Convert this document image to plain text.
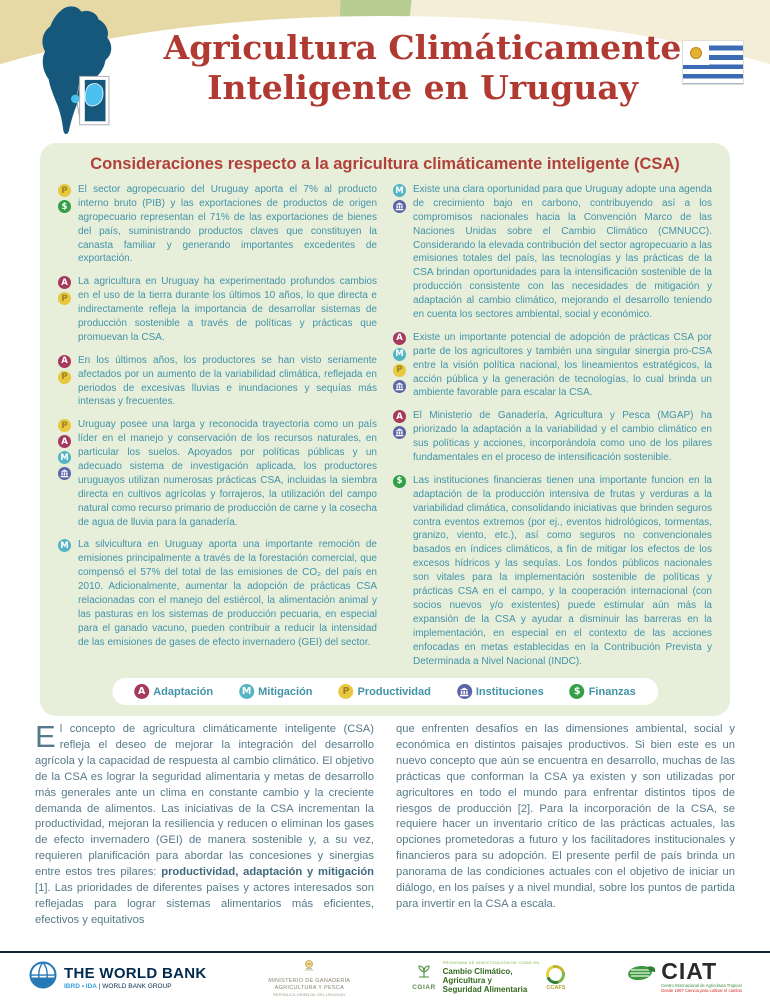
Agricultura Climáticamente
Inteligente en Uruguay
Consideraciones respecto a la agricultura climáticamente inteligente (CSA)
P
$

El sector agropecuario del Uruguay aporta el 7% al producto interno bruto (PIB) y las exportaciones de productos de origen agropecuario representan el 71% de las exportaciones de bienes del país, suministrando productos claves que constituyen la canasta familiar y generando importantes excedentes de exportación.

A
P

La agricultura en Uruguay ha experimentado profundos cambios en el uso de la tierra durante los últimos 10 años, lo que directa e indirectamente refleja la importancia de desarrollar sistemas de producción sostenible a través de políticas y prácticas que promuevan la CSA.

A
P

En los últimos años, los productores se han visto seriamente afectados por un aumento de la variabilidad climática, reflejada en periodos de excesivas lluvias e inundaciones y sequías más intensas y frecuentes.

P
A
M

Uruguay posee una larga y reconocida trayectoria como un país líder en el manejo y conservación de los recursos naturales, en particular los suelos. Apoyados por políticas públicas y un adecuado sistema de investigación aplicada, los productores uruguayos utilizan numerosas prácticas CSA, incluidas la siembra directa en cultivos agrícolas y forrajeros, la utilización del campo natural como recurso primario de producción de carne y la cosecha de agua de lluvia para la ganadería.

M La silvicultura en Uruguay aporta una importante remoción de emisiones principalmente a través de la forestación comercial, que compensó el 57% del total de las emisiones de CO₂ del país en 2010. Adicionalmente, aumentar la adopción de prácticas CSA relacionadas con el manejo del estiércol, la alimentación animal y las pasturas en los sistemas de producción pecuaria, en especial para el ganado vacuno, pueden contribuir a reducir la intensidad de las emisiones de gases de efecto invernadero (GEI) del sector.

M Existe una clara oportunidad para que Uruguay adopte una agenda de crecimiento bajo en carbono, contribuyendo así a los compromisos nacionales hacia la Convención Marco de las Naciones Unidas sobre el Cambio Climático (CMNUCC). Considerando la elevada contribución del sector agropecuario a las emisiones totales del país, las tecnologías y las prácticas de la CSA brindan oportunidades para la intensificación sostenible de la producción consistente con las necesidades de mitigación y adaptación al cambio climático, mejorando el desarrollo teniendo en cuenta los sectores ambiental, social y económico.

A
M
P

Existe un importante potencial de adopción de prácticas CSA por parte de los agricultores y también una singular sinergia pro-CSA entre la visión política nacional, los lineamientos estratégicos, la acción pública y la generación de tecnologías, lo cual brinda un ambiente favorable para escalar la CSA.

A	El Ministerio de Ganadería, Agricultura y Pesca (MGAP) ha priorizado la adaptación a la variabilidad y el cambio climático en sus políticas y acciones, incorporándola como uno de los pilares fundamentales en el proceso de intensificación sostenible.

$	Las instituciones financieras tienen una importante funcion en la adaptación de la producción intensiva de frutas y verduras a la variabilidad climática, consolidando iniciativas que brinden seguros contra eventos extremos (por ej., eventos hidrológicos, tormentas, granizo, viento, etc.), así como seguros no convencionales basados en índices climáticos, a fin de mitigar los efectos de los excesos hídricos y las sequías. Los fondos públicos nacionales son vitales para la implementación sostenible de políticas y prácticas CSA en el campo, y la cooperación internacional (con socios nuevos y/o existentes) puede estimular aún más la expansión de la CSA y ayudar a disminuir las barreras en la implementación, en especial en el contexto de las acciones enfocadas en metas establecidas en la Contribución Prevista y Determinada a Nivel Nacional (INDC).

A Adaptación	M Mitigación	P Productividad	Instituciones	$ Finanzas
El concepto de agricultura climáticamente inteligente (CSA) refleja el deseo de mejorar la integración del desarrollo agrícola y la capacidad de respuesta al cambio climático. El objetivo de la CSA es lograr la seguridad alimentaria y metas de desarrollo más generales ante un clima en constante cambio y la creciente demanda de alimentos. Las iniciativas de la CSA incrementan la productividad, mejoran la resiliencia y reducen o eliminan los gases de efecto invernadero (GEI) de manera sostenible y, a su vez, requieren planificación para abordar las concesiones y sinergias entre estos tres pilares: productividad, adaptación y mitigación [1]. Las prioridades de diferentes países y actores interesados son reflejadas para lograr sistemas alimentarios más eficientes, efectivos y equitativos
que enfrenten desafíos en las dimensiones ambiental, social y económica en distintos paisajes productivos. Si bien este es un nuevo concepto que aún se encuentra en desarrollo, muchas de las prácticas que conforman la CSA ya existen y son utilizadas por agricultores en todo el mundo para enfrentar distintos tipos de riesgos de producción [2]. Para la incorporación de la CSA, se requiere hacer un inventario crítico de las prácticas actuales, las opciones prometedoras a futuro y los facilitadores institucionales y financieros para su adopción. El presente perfil de país brinda un panorama de las condiciones actuales con el objetivo de iniciar un diálogo, en los países y a nivel mundial, sobre los puntos de partida para invertir en la CSA a escala.
THE WORLD BANK
IBRD • IDA | WORLD BANK GROUP
MINISTERIO DE GANADERÍA
AGRICULTURA Y PESCA
REPÚBLICA ORIENTAL DEL URUGUAY
CGIAR
PROGRAMA DE INVESTIGACIÓN DE CGIAR EN
Cambio Climático,
Agricultura y
Seguridad Alimentaria	CCAFS
CIAT
Centro Internacional de Agricultura Tropical
Desde 1967 Ciencia para cultivar el cambio
